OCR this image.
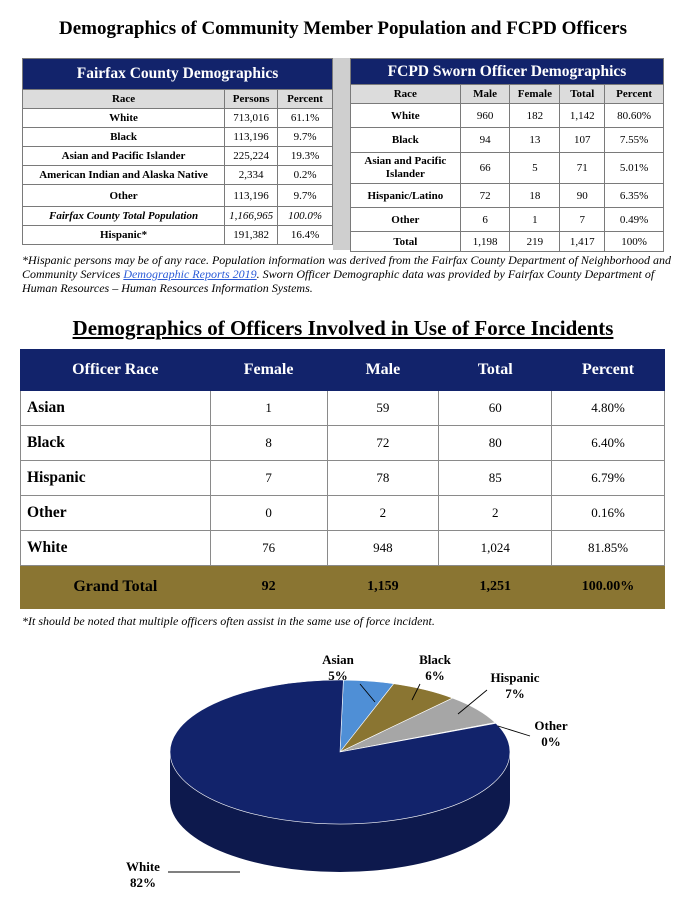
Demographics of Community Member Population and FCPD Officers
Fairfax County Demographics		
Race	Persons	Percent
White	713,016	61.1%
Black	113,196	9.7%
Asian and Pacific Islander	225,224	19.3%
American Indian and Alaska Native	2,334	0.2%
Other	113,196	9.7%
Fairfax County Total Population	1,166,965	100.0%
Hispanic*	191,382	16.4%
FCPD Sworn Officer Demographics				
Race	Male	Female	Total	Percent
White	960	182	1,142	80.60%
Black	94	13	107	7.55%
Asian and Pacific Islander	66	5	71	5.01%
Hispanic/Latino	72	18	90	6.35%
Other	6	1	7	0.49%
Total	1,198	219	1,417	100%
*Hispanic persons may be of any race. Population information was derived from the Fairfax County Department of Neighborhood and Community Services Demographic Reports 2019. Sworn Officer Demographic data was provided by Fairfax County Department of Human Resources – Human Resources Information Systems.
Demographics of Officers Involved in Use of Force Incidents
Officer Race	Female	Male	Total	Percent
Asian	1	59	60	4.80%
Black	8	72	80	6.40%
Hispanic	7	78	85	6.79%
Other	0	2	2	0.16%
White	76	948	1,024	81.85%
Grand Total	92	1,159	1,251	100.00%
*It should be noted that multiple officers often assist in the same use of force incident.
Asian
5%
Black
6%	Hispanic
7%
Other
0%
White
82%
